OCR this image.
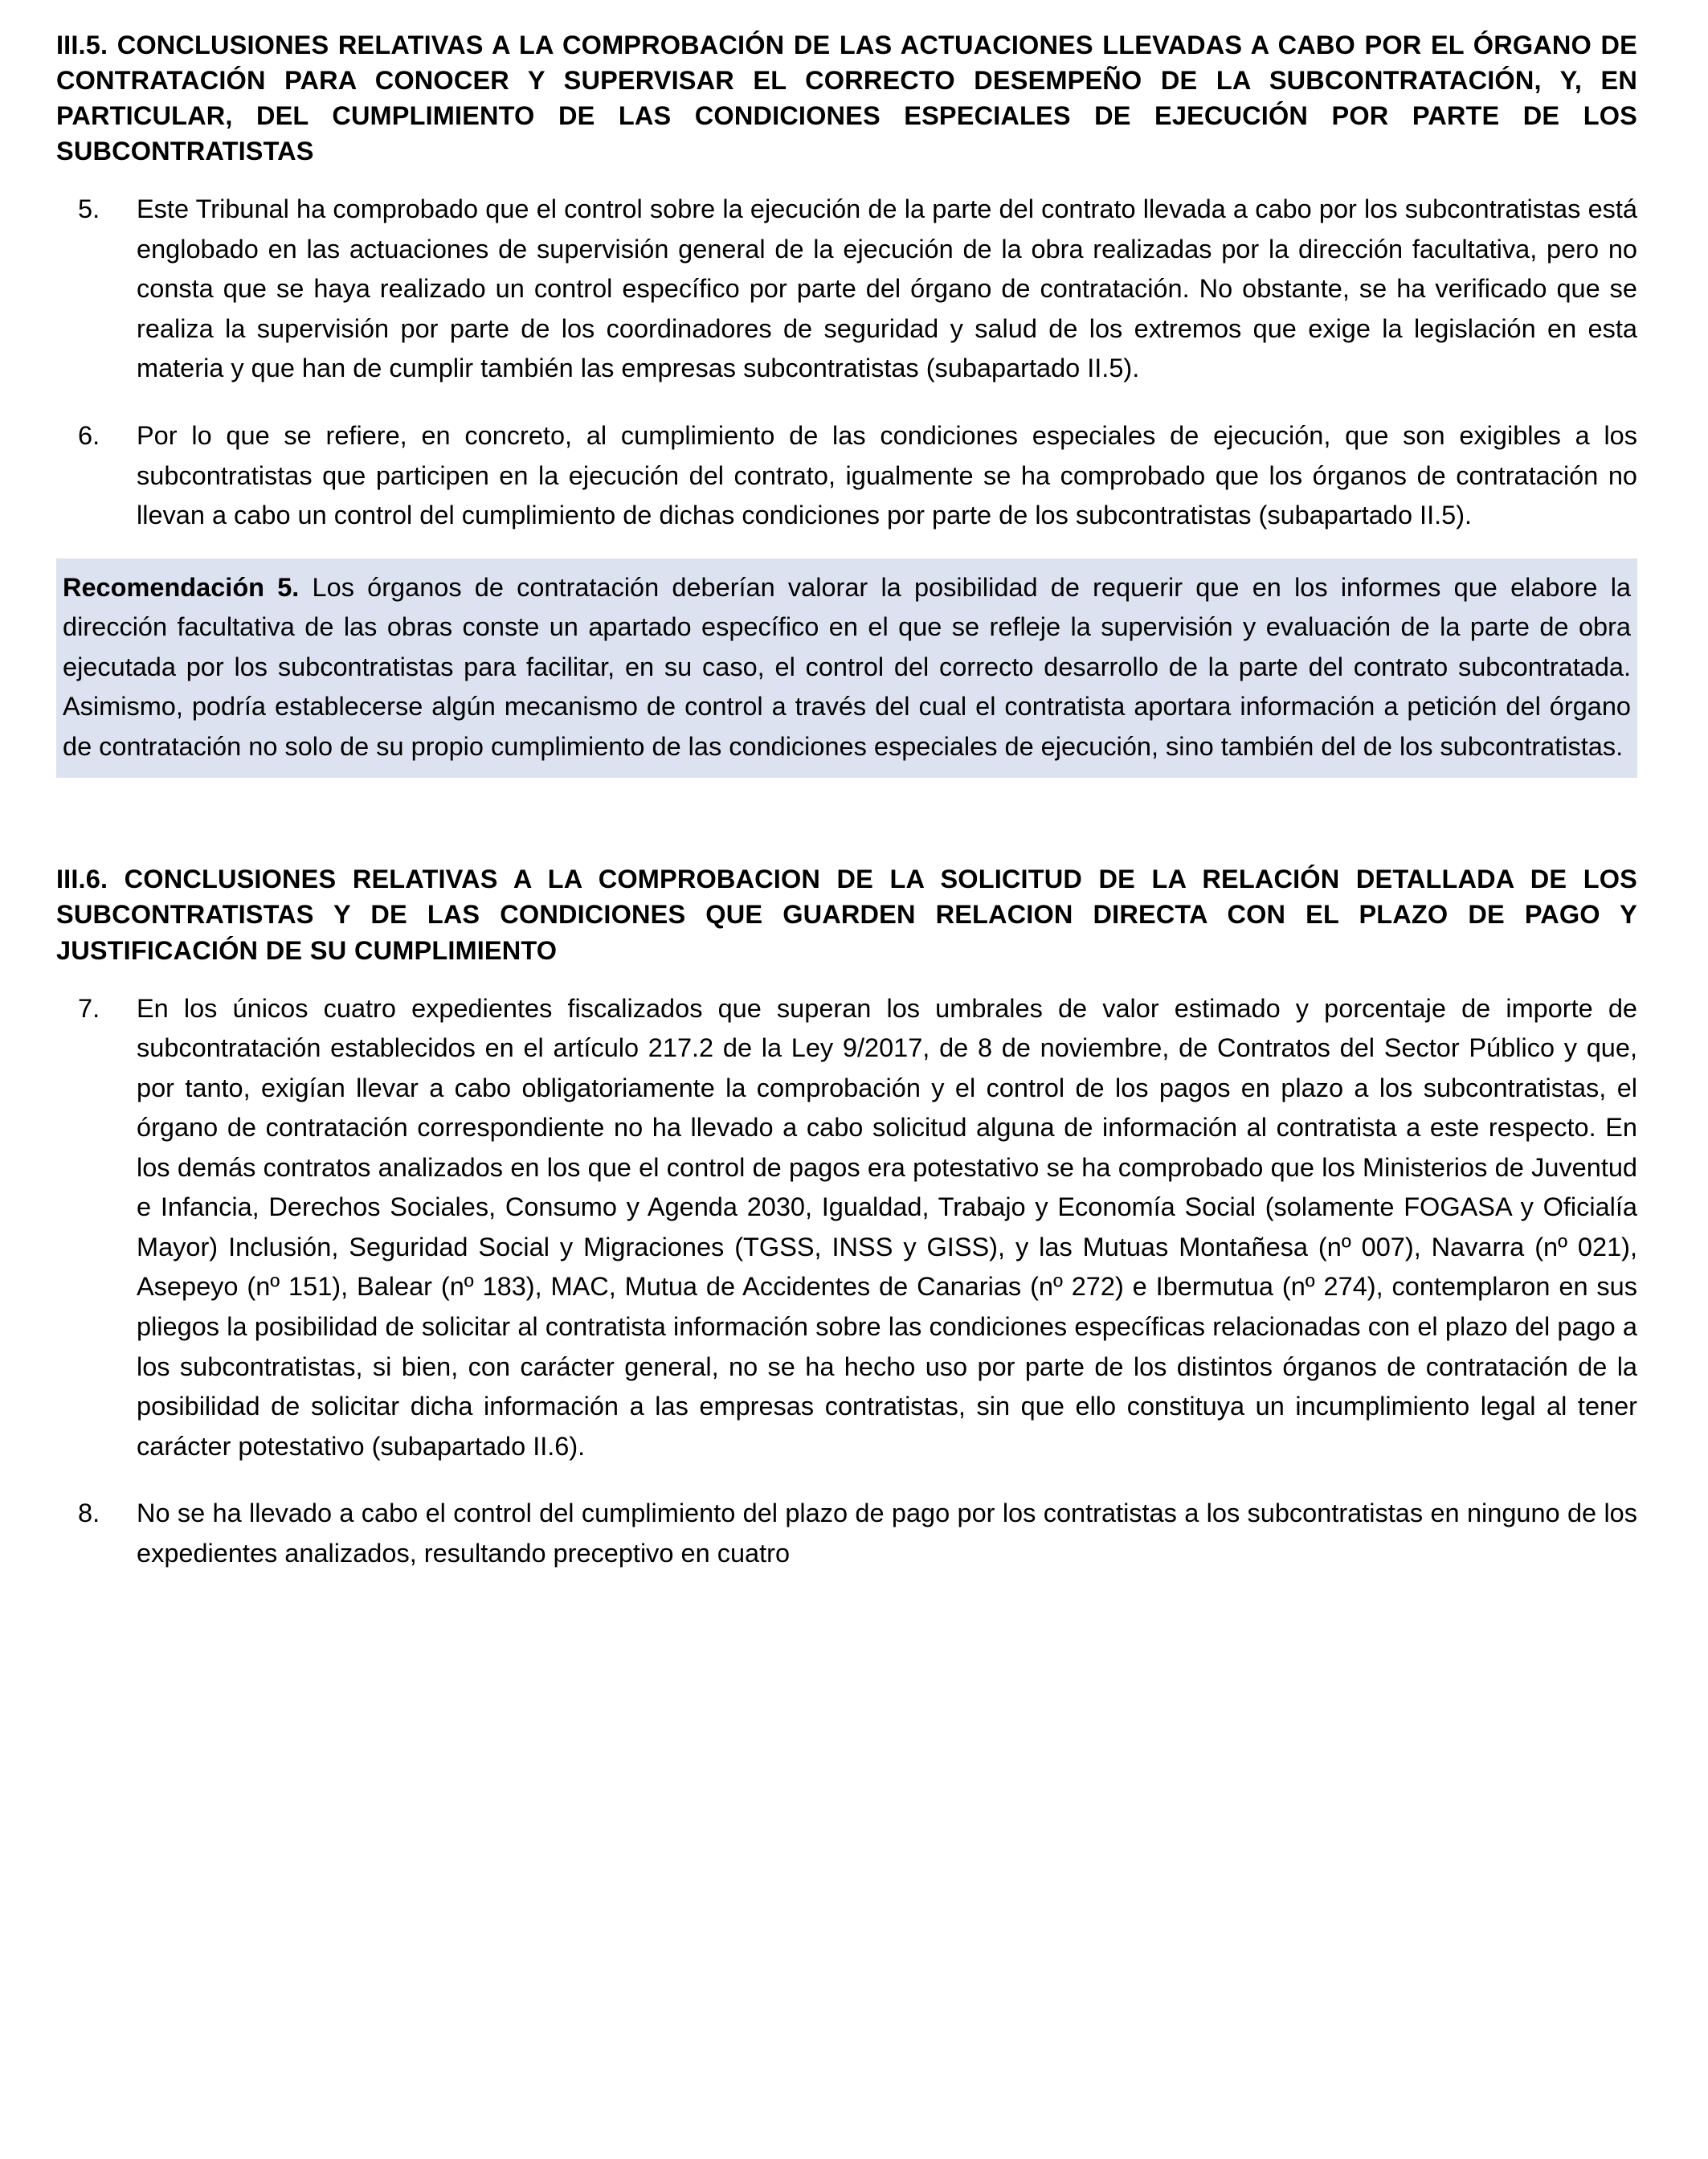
III.5. CONCLUSIONES RELATIVAS A LA COMPROBACIÓN DE LAS ACTUACIONES LLEVADAS A CABO POR EL ÓRGANO DE CONTRATACIÓN PARA CONOCER Y SUPERVISAR EL CORRECTO DESEMPEÑO DE LA SUBCONTRATACIÓN, Y, EN PARTICULAR, DEL CUMPLIMIENTO DE LAS CONDICIONES ESPECIALES DE EJECUCIÓN POR PARTE DE LOS SUBCONTRATISTAS
5.	Este Tribunal ha comprobado que el control sobre la ejecución de la parte del contrato llevada a cabo por los subcontratistas está englobado en las actuaciones de supervisión general de la ejecución de la obra realizadas por la dirección facultativa, pero no consta que se haya realizado un control específico por parte del órgano de contratación. No obstante, se ha verificado que se realiza la supervisión por parte de los coordinadores de seguridad y salud de los extremos que exige la legislación en esta materia y que han de cumplir también las empresas subcontratistas (subapartado II.5).
6.	Por lo que se refiere, en concreto, al cumplimiento de las condiciones especiales de ejecución, que son exigibles a los subcontratistas que participen en la ejecución del contrato, igualmente se ha comprobado que los órganos de contratación no llevan a cabo un control del cumplimiento de dichas condiciones por parte de los subcontratistas (subapartado II.5).
Recomendación 5. Los órganos de contratación deberían valorar la posibilidad de requerir que en los informes que elabore la dirección facultativa de las obras conste un apartado específico en el que se refleje la supervisión y evaluación de la parte de obra ejecutada por los subcontratistas para facilitar, en su caso, el control del correcto desarrollo de la parte del contrato subcontratada. Asimismo, podría establecerse algún mecanismo de control a través del cual el contratista aportara información a petición del órgano de contratación no solo de su propio cumplimiento de las condiciones especiales de ejecución, sino también del de los subcontratistas.
III.6. CONCLUSIONES RELATIVAS A LA COMPROBACION DE LA SOLICITUD DE LA RELACIÓN DETALLADA DE LOS SUBCONTRATISTAS Y DE LAS CONDICIONES QUE GUARDEN RELACION DIRECTA CON EL PLAZO DE PAGO Y JUSTIFICACIÓN DE SU CUMPLIMIENTO
7.	En los únicos cuatro expedientes fiscalizados que superan los umbrales de valor estimado y porcentaje de importe de subcontratación establecidos en el artículo 217.2 de la Ley 9/2017, de 8 de noviembre, de Contratos del Sector Público y que, por tanto, exigían llevar a cabo obligatoriamente la comprobación y el control de los pagos en plazo a los subcontratistas, el órgano de contratación correspondiente no ha llevado a cabo solicitud alguna de información al contratista a este respecto. En los demás contratos analizados en los que el control de pagos era potestativo se ha comprobado que los Ministerios de Juventud e Infancia, Derechos Sociales, Consumo y Agenda 2030, Igualdad, Trabajo y Economía Social (solamente FOGASA y Oficialía Mayor) Inclusión, Seguridad Social y Migraciones (TGSS, INSS y GISS), y las Mutuas Montañesa (nº 007), Navarra (nº 021), Asepeyo (nº 151), Balear (nº 183), MAC, Mutua de Accidentes de Canarias (nº 272) e Ibermutua (nº 274), contemplaron en sus pliegos la posibilidad de solicitar al contratista información sobre las condiciones específicas relacionadas con el plazo del pago a los subcontratistas, si bien, con carácter general, no se ha hecho uso por parte de los distintos órganos de contratación de la posibilidad de solicitar dicha información a las empresas contratistas, sin que ello constituya un incumplimiento legal al tener carácter potestativo (subapartado II.6).
8.	No se ha llevado a cabo el control del cumplimiento del plazo de pago por los contratistas a los subcontratistas en ninguno de los expedientes analizados, resultando preceptivo en cuatro
